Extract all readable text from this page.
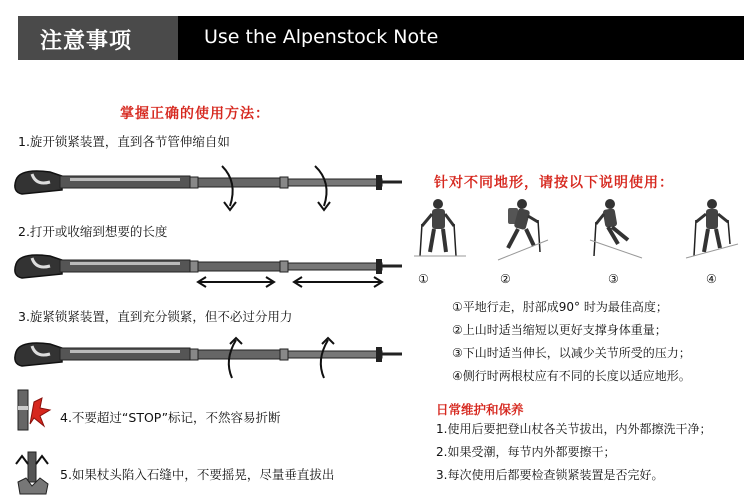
注意事项	Use the Alpenstock Note
掌握正确的使用方法：
1.旋开锁紧装置，直到各节管伸缩自如
2.打开或收缩到想要的长度
3.旋紧锁紧装置，直到充分锁紧，但不必过分用力
4.不要超过“STOP”标记，不然容易折断
5.如果杖头陷入石缝中，不要摇晃，尽量垂直拔出
针对不同地形，请按以下说明使用：
①	②	③	④
①平地行走，肘部成90° 时为最佳高度；
②上山时适当缩短以更好支撑身体重量；
③下山时适当伸长，以减少关节所受的压力；
④侧行时两根杖应有不同的长度以适应地形。
日常维护和保养
1.使用后要把登山杖各关节拔出，内外都擦洗干净；
2.如果受潮，每节内外都要擦干；
3.每次使用后都要检查锁紧装置是否完好。
